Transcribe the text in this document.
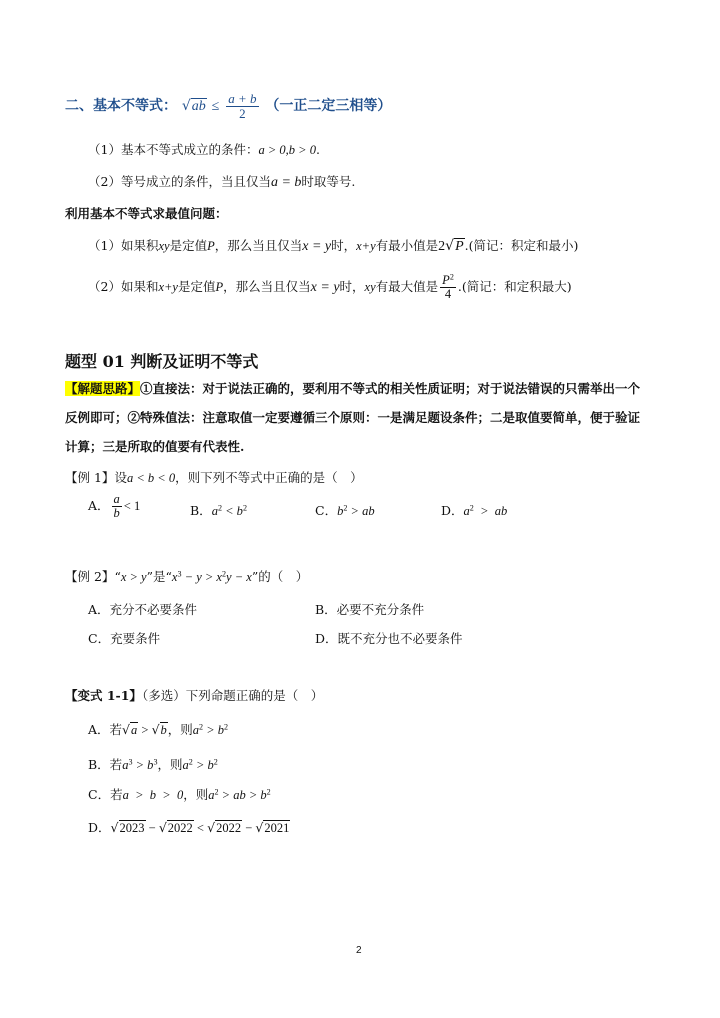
二、基本不等式： $√ab \le \frac{a + b}{2}$ （一正二定三相等）
（1）基本不等式成立的条件：a > 0,b > 0.
（2）等号成立的条件，当且仅当a = b时取等号.
利用基本不等式求最值问题：
（1）如果积xy是定值P，那么当且仅当x = y时，x+y有最小值是2√P.(简记：积定和最小)
（2）如果和x+y是定值P，那么当且仅当x = y时，xy有最大值是 $\frac{P^2}{4}$ .(简记：和定积最大)
题型 01 判断及证明不等式
【解题思路】①直接法：对于说法正确的，要利用不等式的相关性质证明；对于说法错误的只需举出一个
反例即可；②特殊值法：注意取值一定要遵循三个原则：一是满足题设条件；二是取值要简单，便于验证
计算；三是所取的值要有代表性.
【例 1】设a < b < 0，则下列不等式中正确的是（　）
A． $\frac{a}{b} < 1$	B．$a^2 < b^2$	C．$b^2$ > ab	D．$a^2$  >  ab
【例 2】“x > y”是“$x^3 - y > x^2y - x$”的（　）
A．充分不必要条件	B．必要不充分条件
C．充要条件	D．既不充分也不必要条件
【变式 1-1】（多选）下列命题正确的是（　）
A．若√a > √b，则$a^2 > b^2$
B．若$a^3 > b^3$，则$a^2 > b^2$
C．若a  >  b  >  0，则$a^2$ > ab > $b^2$
D．√2023 − √2022 < √2022 − √2021
2
